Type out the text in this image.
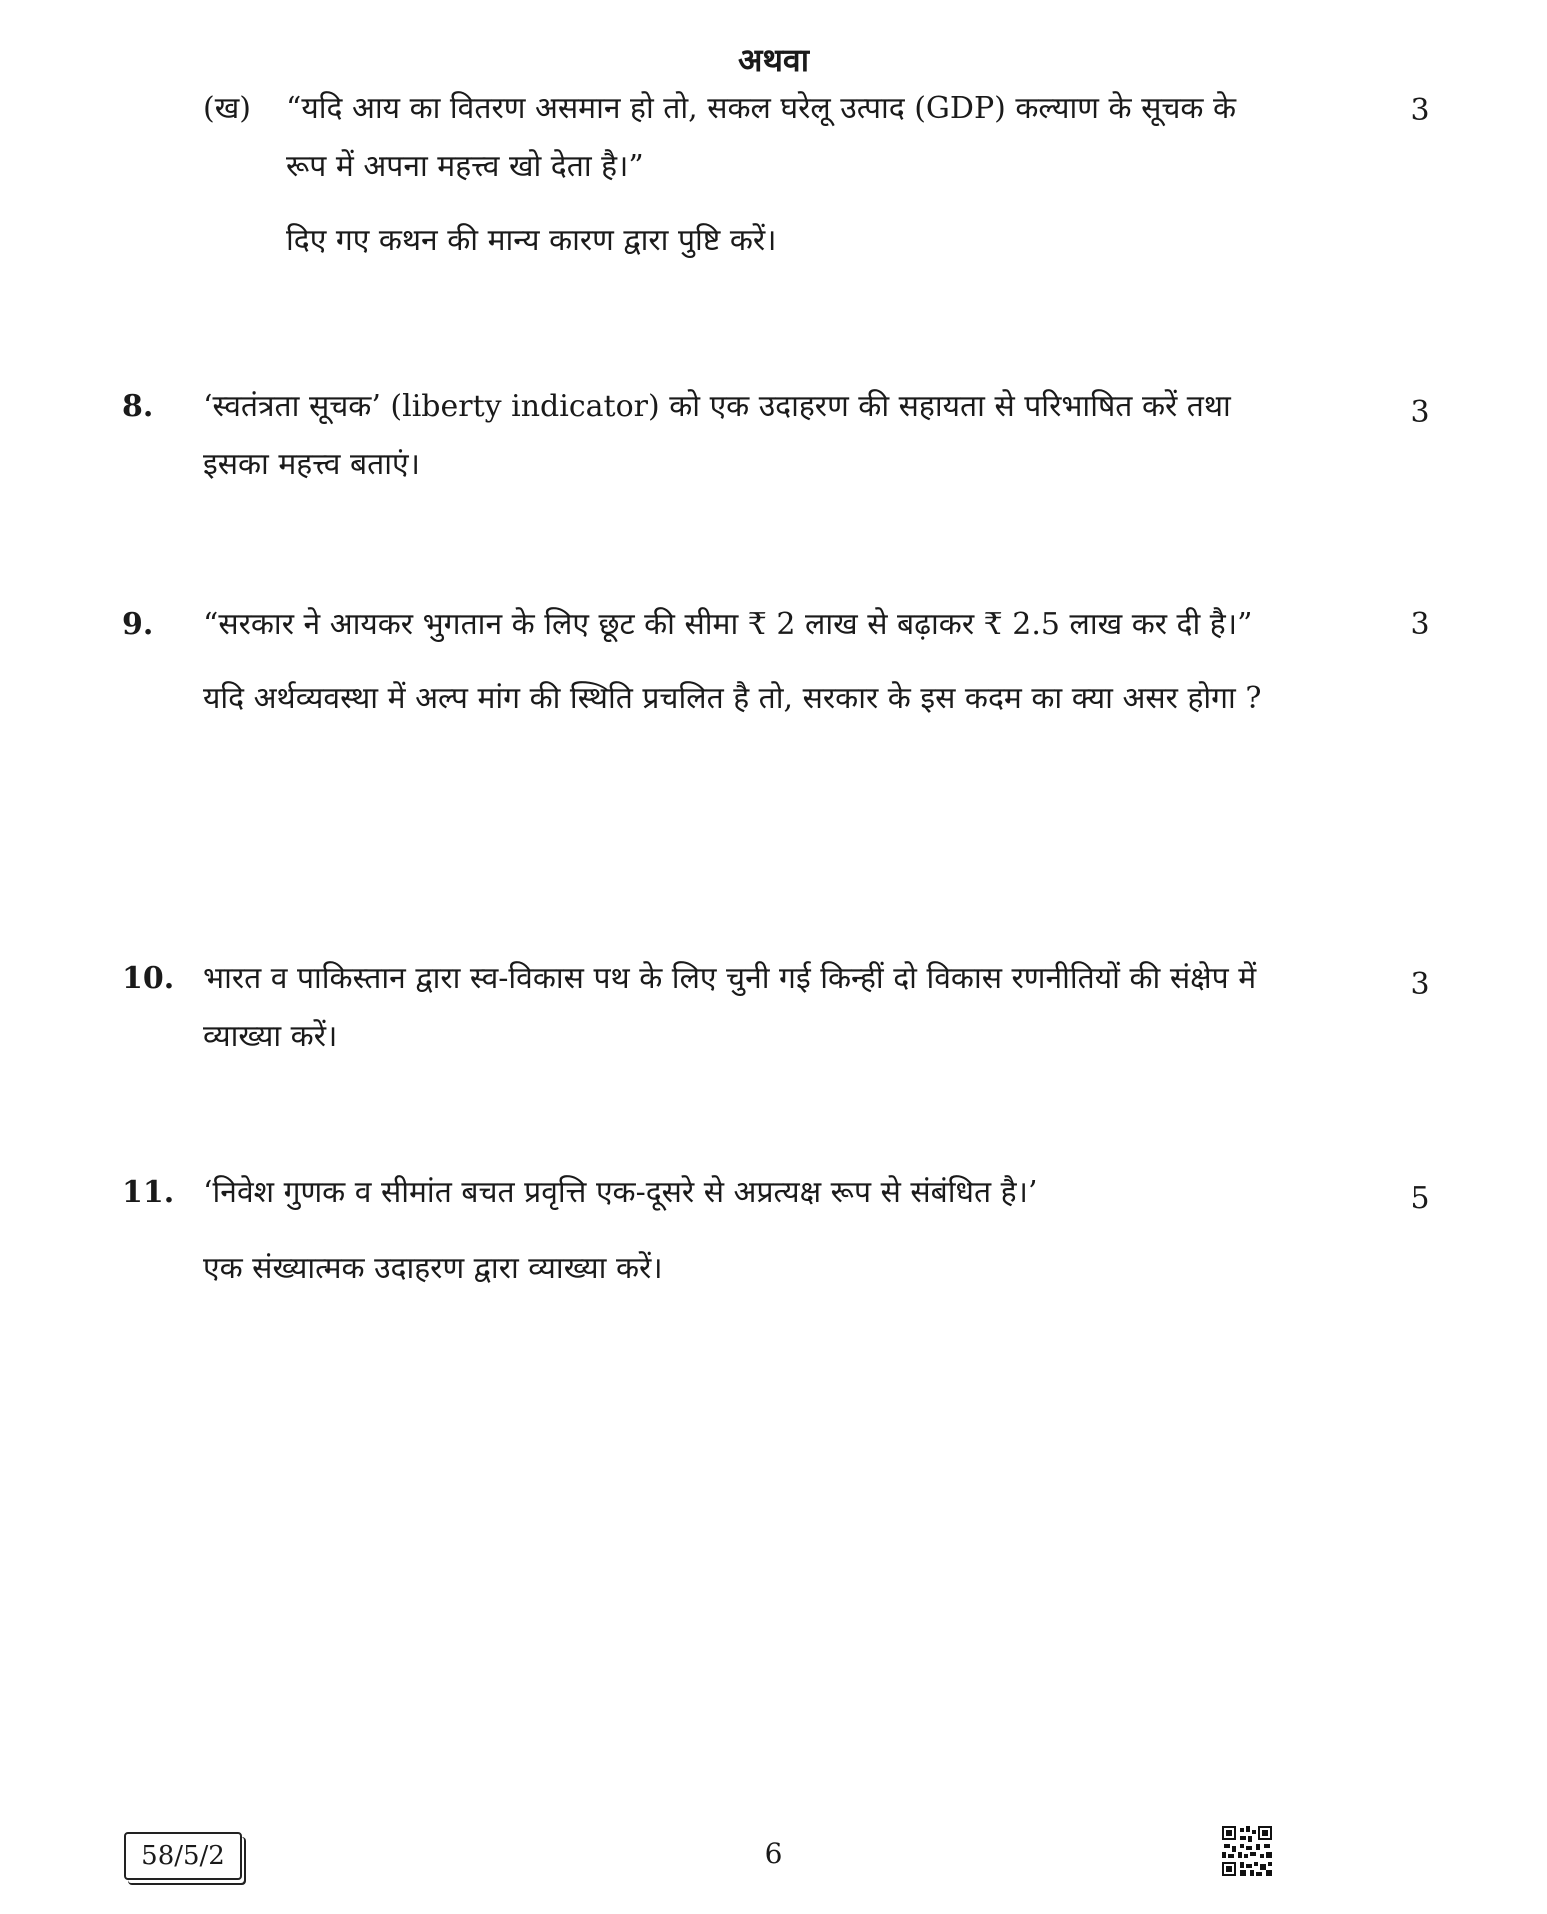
अथवा
(ख) “यदि आय का वितरण असमान हो तो, सकल घरेलू उत्पाद (GDP) कल्याण के सूचक के रूप में अपना महत्त्व खो देता है।”

दिए गए कथन की मान्य कारण द्वारा पुष्टि करें।

3
8. ‘स्वतंत्रता सूचक’ (liberty indicator) को एक उदाहरण की सहायता से परिभाषित करें तथा इसका महत्त्व बताएं।

3
9. “सरकार ने आयकर भुगतान के लिए छूट की सीमा ₹ 2 लाख से बढ़ाकर ₹ 2.5 लाख कर दी है।”

यदि अर्थव्यवस्था में अल्प मांग की स्थिति प्रचलित है तो, सरकार के इस कदम का क्या असर होगा ?

3
10. भारत व पाकिस्तान द्वारा स्व-विकास पथ के लिए चुनी गई किन्हीं दो विकास रणनीतियों की संक्षेप में व्याख्या करें।

3
11. ‘निवेश गुणक व सीमांत बचत प्रवृत्ति एक-दूसरे से अप्रत्यक्ष रूप से संबंधित है।’

एक संख्यात्मक उदाहरण द्वारा व्याख्या करें।

5
58/5/2	6
